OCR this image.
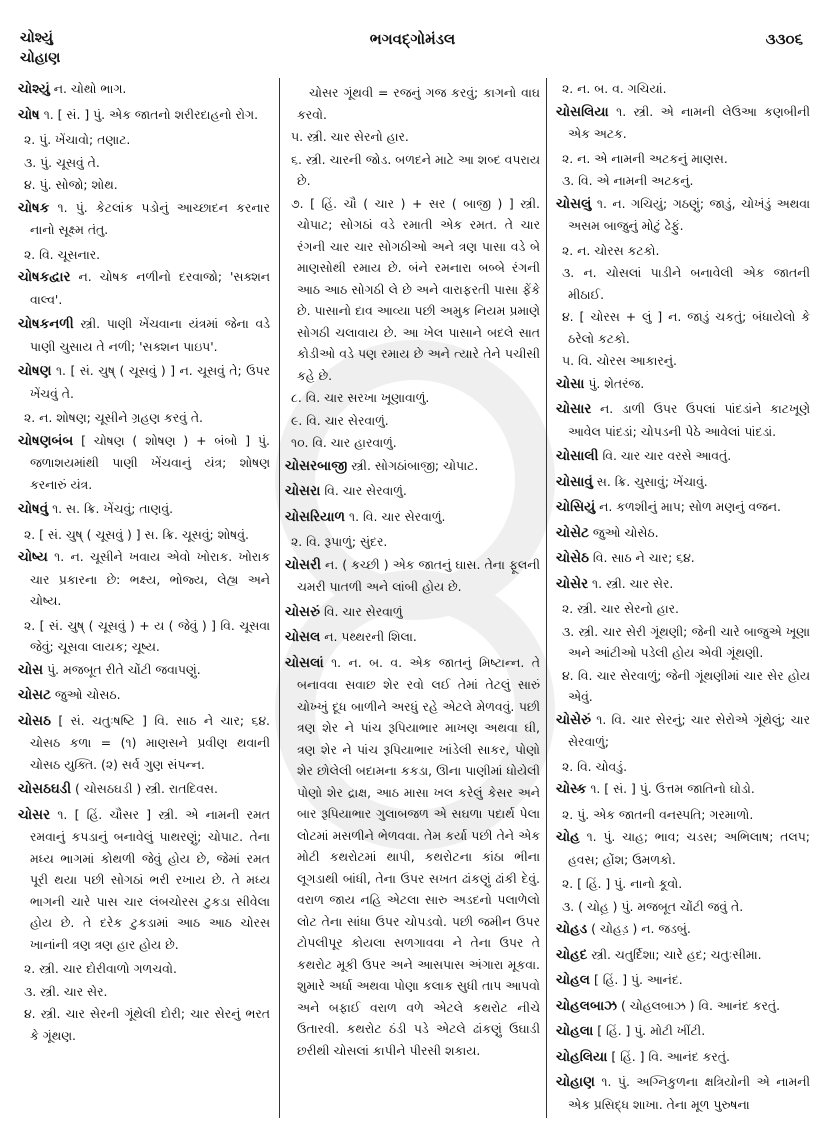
ચોશ્યું
ચોહાણ
ભગવદ્ગોમંડલ	૩૩૦૬
ચોશ્યું ન. ચોથો ભાગ.
ચોષ ૧. [ સં. ] પું. એક જાતનો શરીરદાહનો રોગ.
૨. પું. ખેંચાવો; તણાટ.
૩. પું. ચૂસવું તે.
૪. પું. સોજો; શોથ.
ચોષક ૧. પું. કેટલાંક પડોનું આચ્છાદન કરનાર નાનો સૂક્ષ્મ તંતુ.
૨. વિ. ચૂસનાર.
ચોષકદ્વાર ન. ચોષક નળીનો દરવાજો; 'સક્શન વાલ્વ'.
ચોષકનળી સ્ત્રી. પાણી ખેંચવાના યંત્રમાં જેના વડે પાણી ચુસાય તે નળી; 'સક્શન પાઇપ'.
ચોષણ ૧. [ સં. ચુષ્ ( ચૂસવું ) ] ન. ચૂસવું તે; ઉપર ખેંચવું તે.
૨. ન. શોષણ; ચૂસીને ગ્રહણ કરવું તે.
ચોષણબંબ [ ચોષણ ( શોષણ ) + બંબો ] પું. જળાશયમાંથી પાણી ખેંચવાનું યંત્ર; શોષણ કરનારું યંત્ર.
ચોષવું ૧. સ. ક્રિ. ખેંચવું; તાણવું.
૨. [ સં. ચુષ્ ( ચૂસવું ) ] સ. ક્રિ. ચૂસવું; શોષવું.
ચોષ્ય ૧. ન. ચૂસીને ખવાય એવો ખોરાક. ખોરાક ચાર પ્રકારના છે: ભક્ષ્ય, ભોજ્ય, લેહ્ય અને ચોષ્ય.
૨. [ સં. ચુષ્ ( ચૂસવું ) + ય ( જેવું ) ] વિ. ચૂસવા જેવું; ચૂસવા લાયક; ચૂષ્ય.
ચોસ પું. મજબૂત રીતે ચોંટી જવાપણું.
ચોસટ જુઓ ચોસઠ.
ચોસઠ [ સં. ચતુઃષષ્ટિ ] વિ. સાઠ ને ચાર; ૬૪. ચોસઠ કળા = (૧) માણસને પ્રવીણ થવાની ચોસઠ યુક્તિ. (૨) સર્વ ગુણ સંપન્ન.
ચોસઠઘડી ( ચોસઠઘડી ) સ્ત્રી. રાતદિવસ.
ચોસર ૧. [ હિં. ચૌસર ] સ્ત્રી. એ નામની રમત રમવાનું કપડાનું બનાવેલું પાથરણું; ચોપાટ. તેના મધ્ય ભાગમાં કોથળી જેવું હોય છે, જેમાં રમત પૂરી થયા પછી સોગઠાં ભરી રખાય છે. તે મધ્ય ભાગની ચારે પાસ ચાર લંબચોરસ ટુકડા સીવેલા હોય છે. તે દરેક ટુકડામાં આઠ આઠ ચોરસ ખાનાંની ત્રણ ત્રણ હાર હોય છે.
૨. સ્ત્રી. ચાર દોરીવાળો ગળચવો.
૩. સ્ત્રી. ચાર સેર.
૪. સ્ત્રી. ચાર સેરની ગૂંથેલી દોરી; ચાર સેરનું ભરત કે ગૂંથણ.
ચોસર ગૂંથવી = રજનું ગજ કરવું; કાગનો વાઘ કરવો.
૫. સ્ત્રી. ચાર સેરનો હાર.
૬. સ્ત્રી. ચારની જોડ. બળદને માટે આ શબ્દ વપરાય છે.
૭. [ હિં. ચૌ ( ચાર ) + સર ( બાજી ) ] સ્ત્રી. ચોપાટ; સોગઠાં વડે રમાતી એક રમત. તે ચાર રંગની ચાર ચાર સોગઠીઓ અને ત્રણ પાસા વડે બે માણસોથી રમાય છે. બંને રમનારા બબ્બે રંગની આઠ આઠ સોગઠી લે છે અને વારાફરતી પાસા ફેંકે છે. પાસાનો દાવ આવ્યા પછી અમુક નિયમ પ્રમાણે સોગઠી ચલાવાય છે. આ ખેલ પાસાને બદલે સાત કોડીઓ વડે પણ રમાય છે અને ત્યારે તેને પચીસી કહે છે.
૮. વિ. ચાર સરખા ખૂણાવાળું.
૯. વિ. ચાર સેરવાળું.
૧૦. વિ. ચાર હારવાળું.
ચોસરબાજી સ્ત્રી. સોગઠાંબાજી; ચોપાટ.
ચોસરા વિ. ચાર સેરવાળું.
ચોસરિયાળ ૧. વિ. ચાર સેરવાળું.
૨. વિ. રૂપાળું; સુંદર.
ચોસરી ન. ( કચ્છી ) એક જાતનું ઘાસ. તેના ફૂલની ચમરી પાતળી અને લાંબી હોય છે.
ચોસરું વિ. ચાર સેરવાળું
ચોસલ ન. પથ્થરની શિલા.
ચોસલાં ૧. ન. બ. વ. એક જાતનું મિષ્ટાન્ન. તે બનાવવા સવાછ શેર રવો લઈ તેમાં તેટલું સારું ચોખ્ખું દૂધ બાળીને અરધું રહે એટલે મેળવવું. પછી ત્રણ શેર ને પાંચ રૂપિયાભાર માખણ અથવા ઘી, ત્રણ શેર ને પાંચ રૂપિયાભાર ખાંડેલી સાકર, પોણો શેર છોલેલી બદામના કકડા, ઊના પાણીમાં ધોયેલી પોણો શેર દ્રાક્ષ, આઠ માસા ખલ કરેલું કેસર અને બાર રૂપિયાભાર ગુલાબજળ એ સઘળા પદાર્થ પેલા લોટમાં મસળીને ભેળવવા. તેમ કર્યા પછી તેને એક મોટી કથરોટમાં થાપી, કથરોટના કાંઠા ભીના લૂગડાથી બાંધી, તેના ઉપર સખત ઢાંકણું ઢાંકી દેવું. વરાળ જાય નહિ એટલા સારુ અડદનો પલાળેલો લોટ તેના સાંધા ઉપર ચોપડવો. પછી જમીન ઉપર ટોપલીપૂર કોયલા સળગાવવા ને તેના ઉપર તે કથરોટ મૂકી ઉપર અને આસપાસ અંગારા મૂકવા. શુમારે અર્ધા અથવા પોણા કલાક સુધી તાપ આપવો અને બફાઈ વરાળ વળે એટલે કથરોટ નીચે ઉતારવી. કથરોટ ઠંડી પડે એટલે ઢાંકણું ઉઘાડી છરીથી ચોસલાં કાપીને પીરસી શકાય.
૨. ન. બ. વ. ગચિયાં.
ચોસલિયા ૧. સ્ત્રી. એ નામની લેઉઆ કણબીની એક અટક.
૨. ન. એ નામની અટકનું માણસ.
૩. વિ. એ નામની અટકનું.
ચોસલું ૧. ન. ગચિયું; ગઠણું; જાડું, ચોખંડું અથવા અસમ બાજુનું મોટું ઢેફું.
૨. ન. ચોરસ કટકો.
૩. ન. ચોસલાં પાડીને બનાવેલી એક જાતની મીઠાઈ.
૪. [ ચોરસ + લું ] ન. જાડું ચકતું; બંધાયેલો કે ઠરેલો કટકો.
૫. વિ. ચોરસ આકારનું.
ચોસા પું. શેતરંજ.
ચોસાર ન. ડાળી ઉપર ઉપલાં પાંદડાંને કાટખૂણે આવેલ પાંદડાં; ચોપડની પેઠે આવેલાં પાંદડાં.
ચોસાલી વિ. ચાર ચાર વરસે આવતું.
ચોસાવું સ. ક્રિ. ચુસાવું; ખેંચાવું.
ચોસિયું ન. કળશીનું માપ; સોળ મણનું વજન.
ચોસેટ જુઓ ચોસેઠ.
ચોસેઠ વિ. સાઠ ને ચાર; ૬૪.
ચોસેર ૧. સ્ત્રી. ચાર સેર.
૨. સ્ત્રી. ચાર સેરનો હાર.
૩. સ્ત્રી. ચાર સેરી ગૂંથણી; જેની ચારે બાજુએ ખૂણા અને આંટીઓ પડેલી હોય એવી ગૂંથણી.
૪. વિ. ચાર સેરવાળું; જેની ગૂંથણીમાં ચાર સેર હોય એવું.
ચોસેરું ૧. વિ. ચાર સેરનું; ચાર સેરોએ ગૂંથેલું; ચાર સેરવાળું;
૨. વિ. ચોવડું.
ચોસ્ક ૧. [ સં. ] પું. ઉત્તમ જાતિનો ઘોડો.
૨. પું. એક જાતની વનસ્પતિ; ગરમાળો.
ચોહ ૧. પું. ચાહ; ભાવ; ચડસ; અભિલાષ; તલપ; હવસ; હોંશ; ઉમળકો.
૨. [ હિં. ] પું. નાનો કૂવો.
૩. ( ચોહ઼ ) પું. મજબૂત ચોંટી જવું તે.
ચોહડ ( ચોહડ઼ ) ન. જડબું.
ચોહદ સ્ત્રી. ચતુર્દિશા; ચારે હદ; ચતુઃસીમા.
ચોહલ [ હિં. ] પું. આનંદ.
ચોહલબાઝ ( ચોહલબાઝ ) વિ. આનંદ કરતું.
ચોહલા [ હિં. ] પું. મોટી ખીંટી.
ચોહલિયા [ હિં. ] વિ. આનંદ કરતું.
ચોહાણ ૧. પું. અગ્નિકુળના ક્ષત્રિયોની એ નામની એક પ્રસિદ્ધ શાખા. તેના મૂળ પુરુષના
